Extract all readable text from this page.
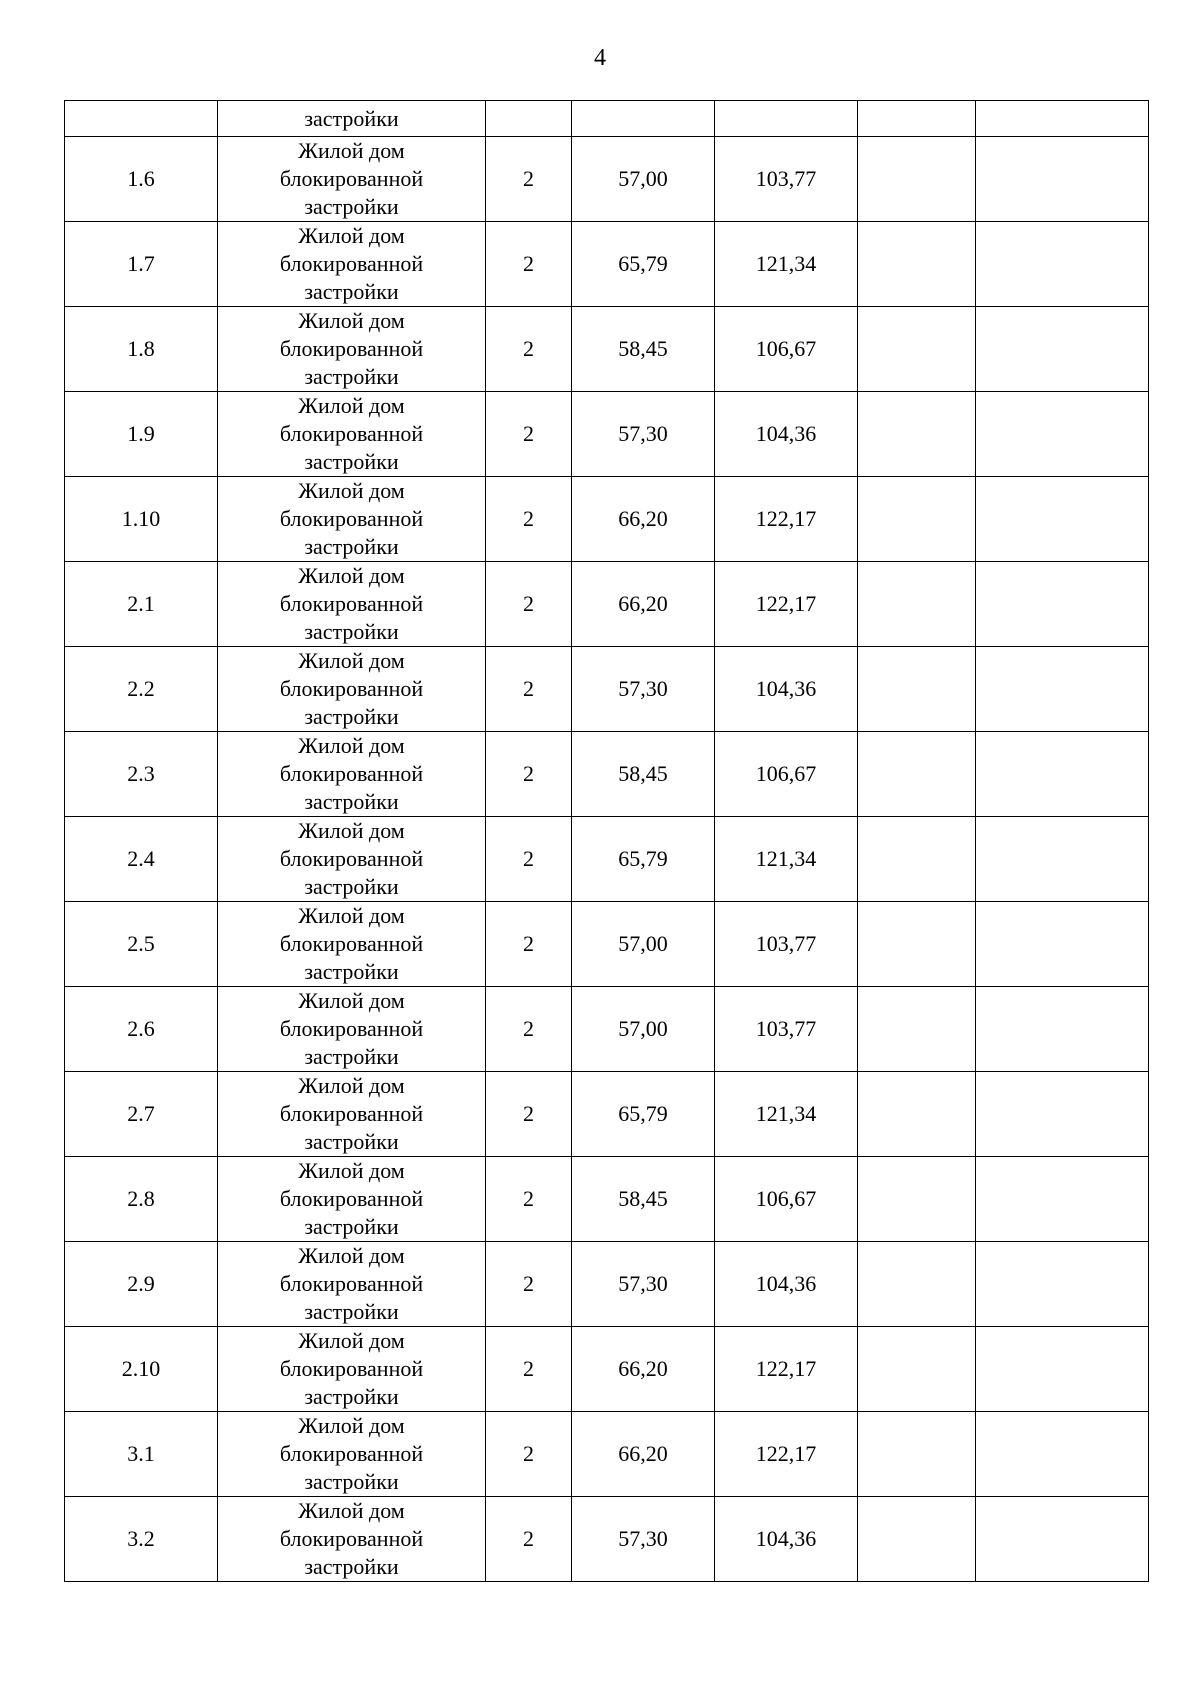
4
	застройки					
1.6	Жилой дом
блокированной
застройки	2	57,00	103,77		
1.7	Жилой дом
блокированной
застройки	2	65,79	121,34		
1.8	Жилой дом
блокированной
застройки	2	58,45	106,67		
1.9	Жилой дом
блокированной
застройки	2	57,30	104,36		
1.10	Жилой дом
блокированной
застройки	2	66,20	122,17		
2.1	Жилой дом
блокированной
застройки	2	66,20	122,17		
2.2	Жилой дом
блокированной
застройки	2	57,30	104,36		
2.3	Жилой дом
блокированной
застройки	2	58,45	106,67		
2.4	Жилой дом
блокированной
застройки	2	65,79	121,34		
2.5	Жилой дом
блокированной
застройки	2	57,00	103,77		
2.6	Жилой дом
блокированной
застройки	2	57,00	103,77		
2.7	Жилой дом
блокированной
застройки	2	65,79	121,34		
2.8	Жилой дом
блокированной
застройки	2	58,45	106,67		
2.9	Жилой дом
блокированной
застройки	2	57,30	104,36		
2.10	Жилой дом
блокированной
застройки	2	66,20	122,17		
3.1	Жилой дом
блокированной
застройки	2	66,20	122,17		
3.2	Жилой дом
блокированной
застройки	2	57,30	104,36		
